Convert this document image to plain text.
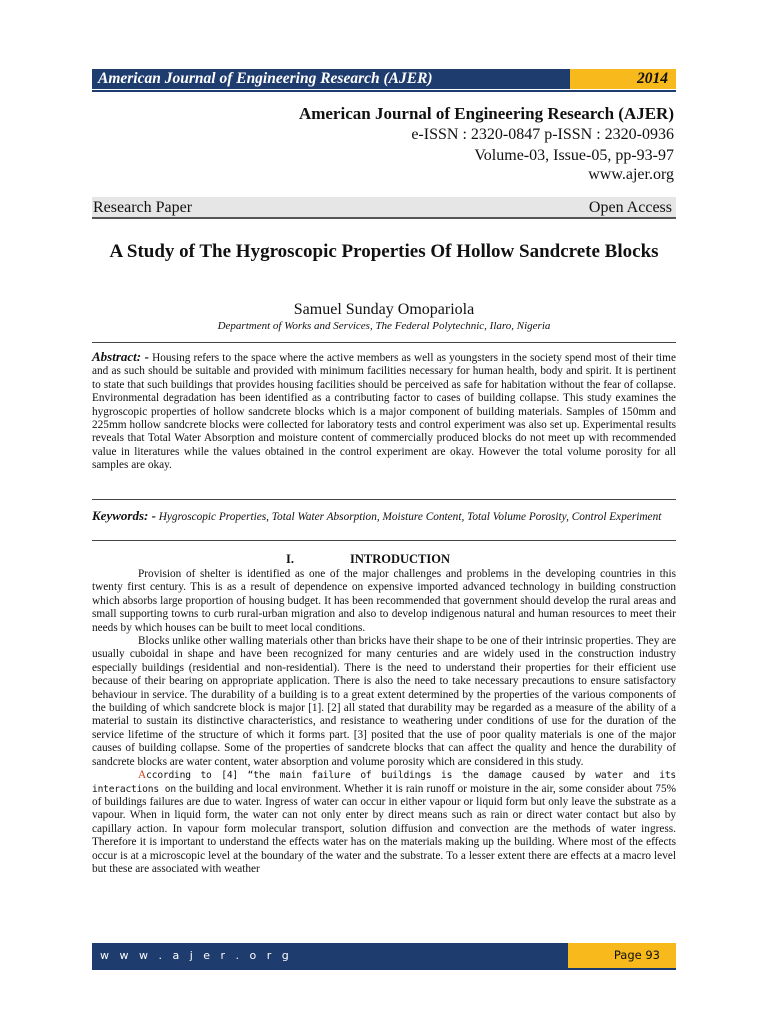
American Journal of Engineering Research (AJER)	2014
American Journal of Engineering Research (AJER)
e-ISSN : 2320-0847 p-ISSN : 2320-0936
Volume-03, Issue-05, pp-93-97
www.ajer.org
Research Paper	Open Access
A Study of The Hygroscopic Properties Of Hollow Sandcrete Blocks
Samuel Sunday Omopariola
Department of Works and Services, The Federal Polytechnic, Ilaro, Nigeria
Abstract: - Housing refers to the space where the active members as well as youngsters in the society spend most of their time and as such should be suitable and provided with minimum facilities necessary for human health, body and spirit. It is pertinent to state that such buildings that provides housing facilities should be perceived as safe for habitation without the fear of collapse. Environmental degradation has been identified as a contributing factor to cases of building collapse. This study examines the hygroscopic properties of hollow sandcrete blocks which is a major component of building materials. Samples of 150mm and 225mm hollow sandcrete blocks were collected for laboratory tests and control experiment was also set up. Experimental results reveals that Total Water Absorption and moisture content of commercially produced blocks do not meet up with recommended value in literatures while the values obtained in the control experiment are okay. However the total volume porosity for all samples are okay.
Keywords: - Hygroscopic Properties, Total Water Absorption, Moisture Content, Total Volume Porosity, Control Experiment
I.	INTRODUCTION

Provision of shelter is identified as one of the major challenges and problems in the developing countries in this twenty first century. This is as a result of dependence on expensive imported advanced technology in building construction which absorbs large proportion of housing budget. It has been recommended that government should develop the rural areas and small supporting towns to curb rural-urban migration and also to develop indigenous natural and human resources to meet their needs by which houses can be built to meet local conditions.

Blocks unlike other walling materials other than bricks have their shape to be one of their intrinsic properties. They are usually cuboidal in shape and have been recognized for many centuries and are widely used in the construction industry especially buildings (residential and non-residential). There is the need to understand their properties for their efficient use because of their bearing on appropriate application. There is also the need to take necessary precautions to ensure satisfactory behaviour in service. The durability of a building is to a great extent determined by the properties of the various components of the building of which sandcrete block is major [1]. [2] all stated that durability may be regarded as a measure of the ability of a material to sustain its distinctive characteristics, and resistance to weathering under conditions of use for the duration of the service lifetime of the structure of which it forms part. [3] posited that the use of poor quality materials is one of the major causes of building collapse. Some of the properties of sandcrete blocks that can affect the quality and hence the durability of sandcrete blocks are water content, water absorption and volume porosity which are considered in this study.

According to [4] “the main failure of buildings is the damage caused by water and its interactions on the building and local environment. Whether it is rain runoff or moisture in the air, some consider about 75% of buildings failures are due to water. Ingress of water can occur in either vapour or liquid form but only leave the substrate as a vapour. When in liquid form, the water can not only enter by direct means such as rain or direct water contact but also by capillary action. In vapour form molecular transport, solution diffusion and convection are the methods of water ingress. Therefore it is important to understand the effects water has on the materials making up the building. Where most of the effects occur is at a microscopic level at the boundary of the water and the substrate. To a lesser extent there are effects at a macro level but these are associated with weather

w w w . a j e r . o r g	Page 93
